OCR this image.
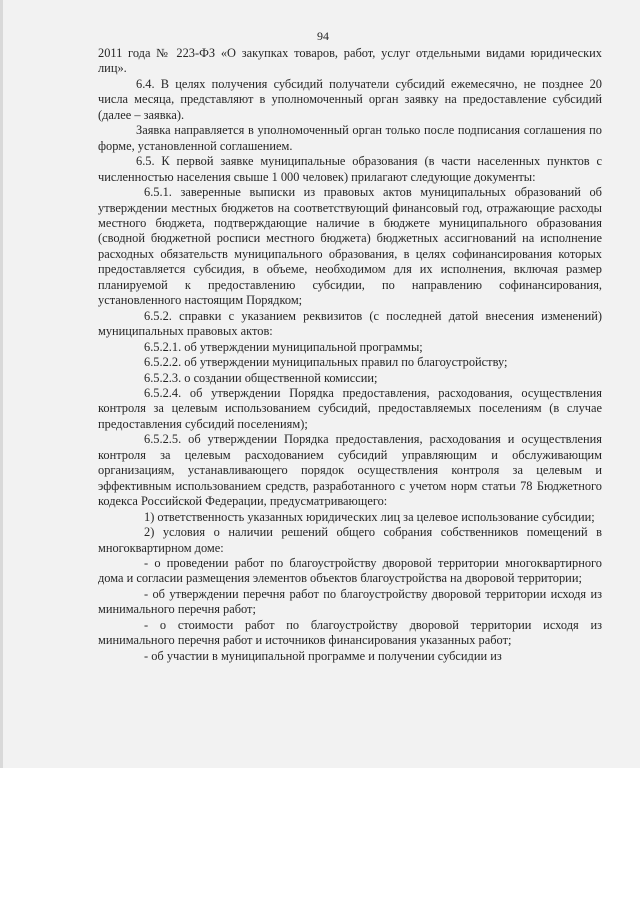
94

2011 года № 223-ФЗ «О закупках товаров, работ, услуг отдельными видами юридических лиц».

6.4. В целях получения субсидий получатели субсидий ежемесячно, не позднее 20 числа месяца, представляют в уполномоченный орган заявку на предоставление субсидий (далее – заявка).

Заявка направляется в уполномоченный орган только после подписания соглашения по форме, установленной соглашением.

6.5. К первой заявке муниципальные образования (в части населенных пунктов с численностью населения свыше 1 000 человек) прилагают следующие документы:

6.5.1. заверенные выписки из правовых актов муниципальных образований об утверждении местных бюджетов на соответствующий финансовый год, отражающие расходы местного бюджета, подтверждающие наличие в бюджете муниципального образования (сводной бюджетной росписи местного бюджета) бюджетных ассигнований на исполнение расходных обязательств муниципального образования, в целях софинансирования которых предоставляется субсидия, в объеме, необходимом для их исполнения, включая размер планируемой к предоставлению субсидии, по направлению софинансирования, установленного настоящим Порядком;

6.5.2. справки с указанием реквизитов (с последней датой внесения изменений) муниципальных правовых актов:

6.5.2.1. об утверждении муниципальной программы;

6.5.2.2. об утверждении муниципальных правил по благоустройству;

6.5.2.3. о создании общественной комиссии;

6.5.2.4. об утверждении Порядка предоставления, расходования, осуществления контроля за целевым использованием субсидий, предоставляемых поселениям (в случае предоставления субсидий поселениям);

6.5.2.5. об утверждении Порядка предоставления, расходования и осуществления контроля за целевым расходованием субсидий управляющим и обслуживающим организациям, устанавливающего порядок осуществления контроля за целевым и эффективным использованием средств, разработанного с учетом норм статьи 78 Бюджетного кодекса Российской Федерации, предусматривающего:

1) ответственность указанных юридических лиц за целевое использование субсидии;

2) условия о наличии решений общего собрания собственников помещений в многоквартирном доме:

- о проведении работ по благоустройству дворовой территории многоквартирного дома и согласии размещения элементов объектов благоустройства на дворовой территории;

- об утверждении перечня работ по благоустройству дворовой территории исходя из минимального перечня работ;

- о стоимости работ по благоустройству дворовой территории исходя из минимального перечня работ и источников финансирования указанных работ;

- об участии в муниципальной программе и получении субсидии из
